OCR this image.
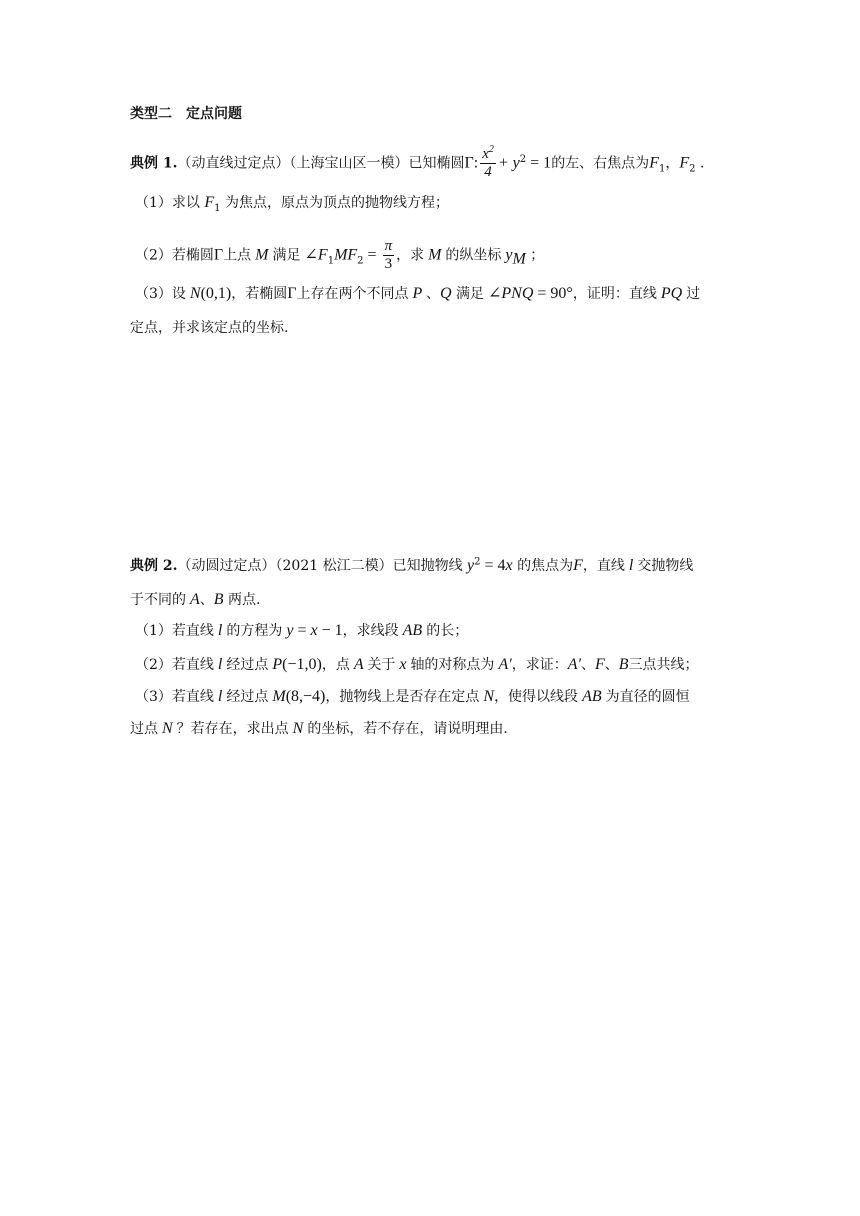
类型二　定点问题
典例 1.（动直线过定点）（上海宝山区一模）已知椭圆Γ: $\frac{x^2}{4} + y^2 = 1$的左、右焦点为$F_1$，$F_2$ .
（1）求以 $F_1$ 为焦点，原点为顶点的抛物线方程；
（2）若椭圆Γ上点 M 满足 $\angle F_1MF_2 = \frac{\pi}{3}$ ，求 M 的纵坐标 $y_M$ ；
（3）设 N(0,1)，若椭圆Γ上存在两个不同点 P 、Q 满足 ∠PNQ = 90°，证明：直线 PQ 过
定点，并求该定点的坐标.
典例 2.（动圆过定点）（2021 松江二模）已知抛物线 $y^2 = 4x$ 的焦点为F，直线 l 交抛物线
于不同的 A、B 两点.
（1）若直线 l 的方程为 y = x − 1，求线段 AB 的长；
（2）若直线 l 经过点 P(−1,0)，点 A 关于 x 轴的对称点为 A′，求证：A′、F、B三点共线；
（3）若直线 l 经过点 M(8,−4)，抛物线上是否存在定点 N，使得以线段 AB 为直径的圆恒
过点 N ？若存在，求出点 N 的坐标，若不存在，请说明理由.
